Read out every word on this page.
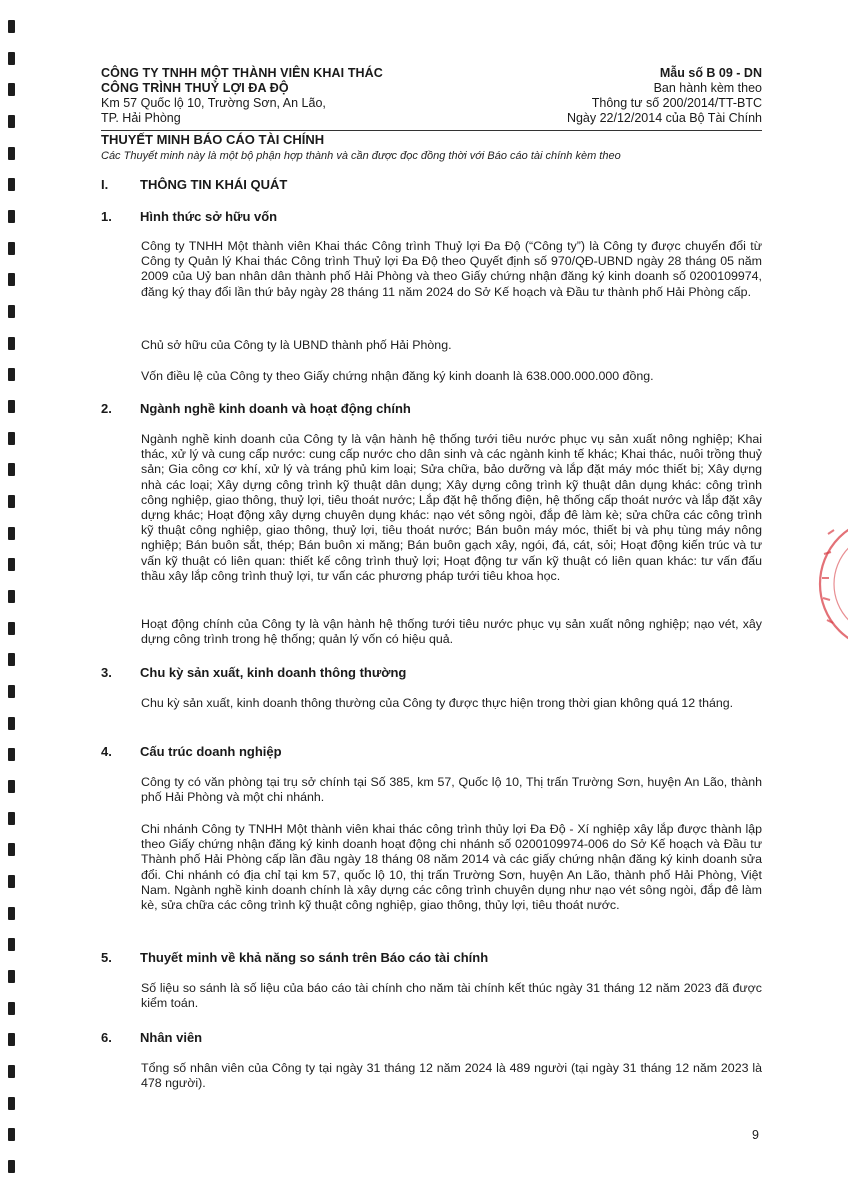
CÔNG TY TNHH MỘT THÀNH VIÊN KHAI THÁC
CÔNG TRÌNH THUỶ LỢI ĐA ĐỘ
Km 57 Quốc lộ 10, Trường Sơn, An Lão,
TP. Hải Phòng
Mẫu số B 09 - DN
Ban hành kèm theo
Thông tư số 200/2014/TT-BTC
Ngày 22/12/2014 của Bộ Tài Chính
THUYẾT MINH BÁO CÁO TÀI CHÍNH
Các Thuyết minh này là một bộ phận hợp thành và cần được đọc đồng thời với Báo cáo tài chính kèm theo
I. THÔNG TIN KHÁI QUÁT
1. Hình thức sở hữu vốn
Công ty TNHH Một thành viên Khai thác Công trình Thuỷ lợi Đa Độ (“Công ty”) là Công ty được chuyển đổi từ Công ty Quản lý Khai thác Công trình Thuỷ lợi Đa Độ theo Quyết định số 970/QĐ-UBND ngày 28 tháng 05 năm 2009 của Uỷ ban nhân dân thành phố Hải Phòng và theo Giấy chứng nhận đăng ký kinh doanh số 0200109974, đăng ký thay đổi lần thứ bảy ngày 28 tháng 11 năm 2024 do Sở Kế hoạch và Đầu tư thành phố Hải Phòng cấp.
Chủ sở hữu của Công ty là UBND thành phố Hải Phòng.
Vốn điều lệ của Công ty theo Giấy chứng nhận đăng ký kinh doanh là 638.000.000.000 đồng.
2. Ngành nghề kinh doanh và hoạt động chính
Ngành nghề kinh doanh của Công ty là vận hành hệ thống tưới tiêu nước phục vụ sản xuất nông nghiệp; Khai thác, xử lý và cung cấp nước: cung cấp nước cho dân sinh và các ngành kinh tế khác; Khai thác, nuôi trồng thuỷ sản; Gia công cơ khí, xử lý và tráng phủ kim loại; Sửa chữa, bảo dưỡng và lắp đặt máy móc thiết bị; Xây dựng nhà các loại; Xây dựng công trình kỹ thuật dân dụng; Xây dựng công trình kỹ thuật dân dụng khác: công trình công nghiệp, giao thông, thuỷ lợi, tiêu thoát nước; Lắp đặt hệ thống điện, hệ thống cấp thoát nước và lắp đặt xây dựng khác; Hoạt động xây dựng chuyên dụng khác: nạo vét sông ngòi, đắp đê làm kè; sửa chữa các công trình kỹ thuật công nghiệp, giao thông, thuỷ lợi, tiêu thoát nước; Bán buôn máy móc, thiết bị và phụ tùng máy nông nghiệp; Bán buôn sắt, thép; Bán buôn xi măng; Bán buôn gạch xây, ngói, đá, cát, sỏi; Hoạt động kiến trúc và tư vấn kỹ thuật có liên quan: thiết kế công trình thuỷ lợi; Hoạt động tư vấn kỹ thuật có liên quan khác: tư vấn đấu thầu xây lắp công trình thuỷ lợi, tư vấn các phương pháp tưới tiêu khoa học.
Hoạt động chính của Công ty là vận hành hệ thống tưới tiêu nước phục vụ sản xuất nông nghiệp; nạo vét, xây dựng công trình trong hệ thống; quản lý vốn có hiệu quả.
3. Chu kỳ sản xuất, kinh doanh thông thường
Chu kỳ sản xuất, kinh doanh thông thường của Công ty được thực hiện trong thời gian không quá 12 tháng.
4. Cấu trúc doanh nghiệp
Công ty có văn phòng tại trụ sở chính tại Số 385, km 57, Quốc lộ 10, Thị trấn Trường Sơn, huyện An Lão, thành phố Hải Phòng và một chi nhánh.
Chi nhánh Công ty TNHH Một thành viên khai thác công trình thủy lợi Đa Độ - Xí nghiệp xây lắp được thành lập theo Giấy chứng nhận đăng ký kinh doanh hoạt động chi nhánh số 0200109974-006 do Sở Kế hoạch và Đầu tư Thành phố Hải Phòng cấp lần đầu ngày 18 tháng 08 năm 2014 và các giấy chứng nhận đăng ký kinh doanh sửa đổi. Chi nhánh có địa chỉ tại km 57, quốc lộ 10, thị trấn Trường Sơn, huyện An Lão, thành phố Hải Phòng, Việt Nam. Ngành nghề kinh doanh chính là xây dựng các công trình chuyên dụng như nạo vét sông ngòi, đắp đê làm kè, sửa chữa các công trình kỹ thuật công nghiệp, giao thông, thủy lợi, tiêu thoát nước.
5. Thuyết minh về khả năng so sánh trên Báo cáo tài chính
Số liệu so sánh là số liệu của báo cáo tài chính cho năm tài chính kết thúc ngày 31 tháng 12 năm 2023 đã được kiểm toán.
6. Nhân viên
Tổng số nhân viên của Công ty tại ngày 31 tháng 12 năm 2024 là 489 người (tại ngày 31 tháng 12 năm 2023 là 478 người).
9
